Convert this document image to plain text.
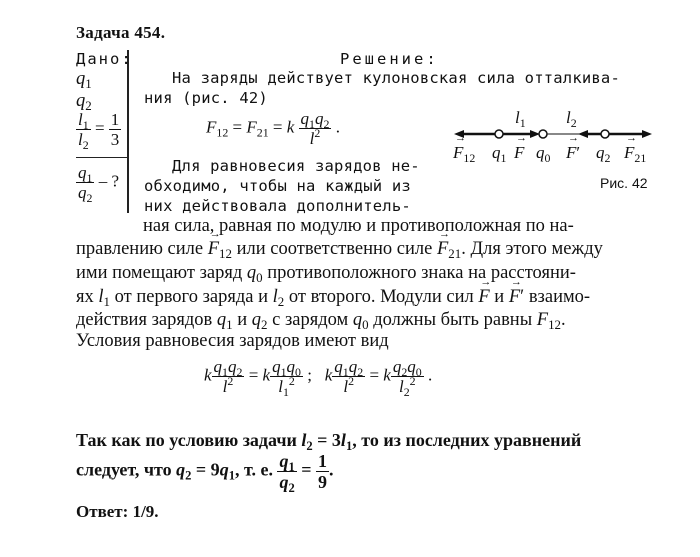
Задача 454.
Дано:
$q_1$
$q_2$
$\frac{l_1}{l_2} = \frac{1}{3}$
$\frac{q_1}{q_2}$ – ?
Решение:
На заряды действует кулоновская сила отталкива-
ния (рис. 42)
$F_{12} = F_{21} = k \frac{q_1q_2}{l^2}$ .	$l_1$ $l_2$
→ $F_{12}$ $q_1 \to F$ $q_0 \to F'$ $q_2 \to F_{21}$
Рис. 42
Для равновесия зарядов не-
обходимо, чтобы на каждый из
них действовала дополнитель-
ная сила, равная по модулю и противоположная по на-
правлению силе → $F_{12}$ или соответственно силе → $F_{21}$. Для этого между
ими помещают заряд $q_0$ противоположного знака на расстояни-
ях $l_1$ от первого заряда и $l_2$ от второго. Модули сил → F и → F′ взаимо-
действия зарядов $q_1$ и $q_2$ с зарядом $q_0$ должны быть равны $F_{12}$.
Условия равновесия зарядов имеют вид
k $\frac{q_1q_2}{l^2} = k \frac{q_1q_0}{l_1^2}$ ;   k $\frac{q_1q_2}{l^2} = k \frac{q_2q_0}{l_2^2}$ .
Так как по условию задачи $l_2 = 3l_1$, то из последних уравнений
следует, что $q_2 = 9q_1$, т. е. $\frac{q_1}{q_2} = \frac{1}{9}$ .
Ответ: 1/9.
